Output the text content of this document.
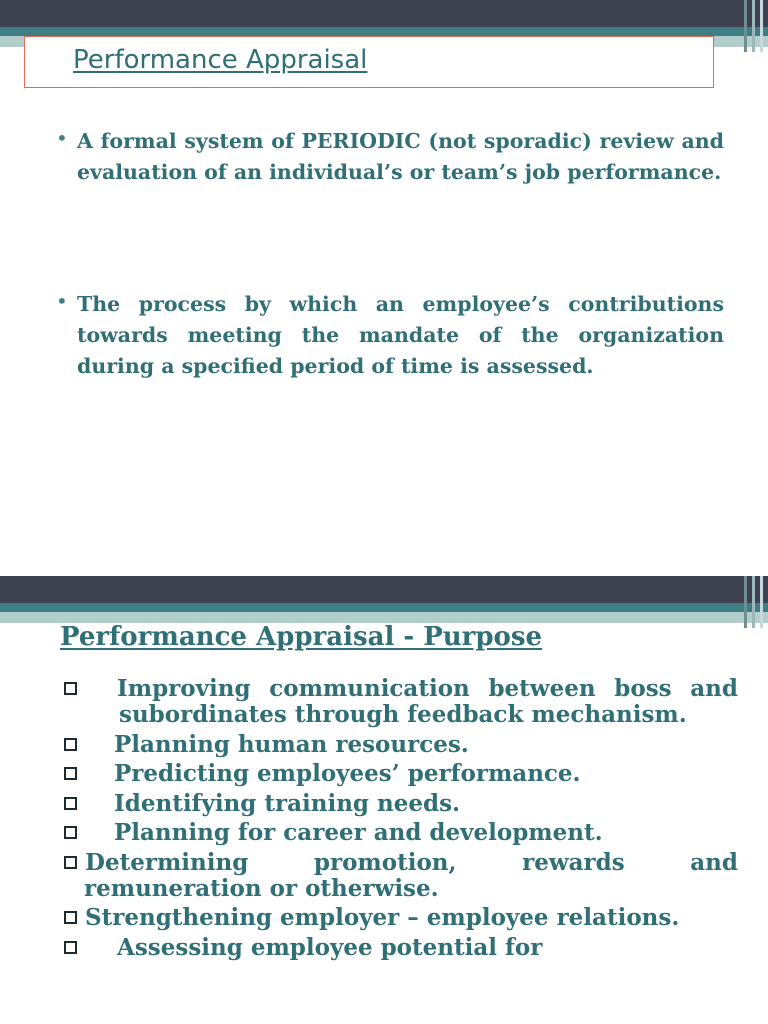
Performance Appraisal
• A formal system of PERIODIC (not sporadic) review and evaluation of an individual’s or team’s job performance.
• The process by which an employee’s contributions towards meeting the mandate of the organization during a specified period of time is assessed.
Performance Appraisal - Purpose
Improving communication between boss and subordinates through feedback mechanism.
Planning human resources.
Predicting employees’ performance.
Identifying training needs.
Planning for career and development.
Determining promotion, rewards and remuneration or otherwise.
Strengthening employer – employee relations.
Assessing employee potential for
